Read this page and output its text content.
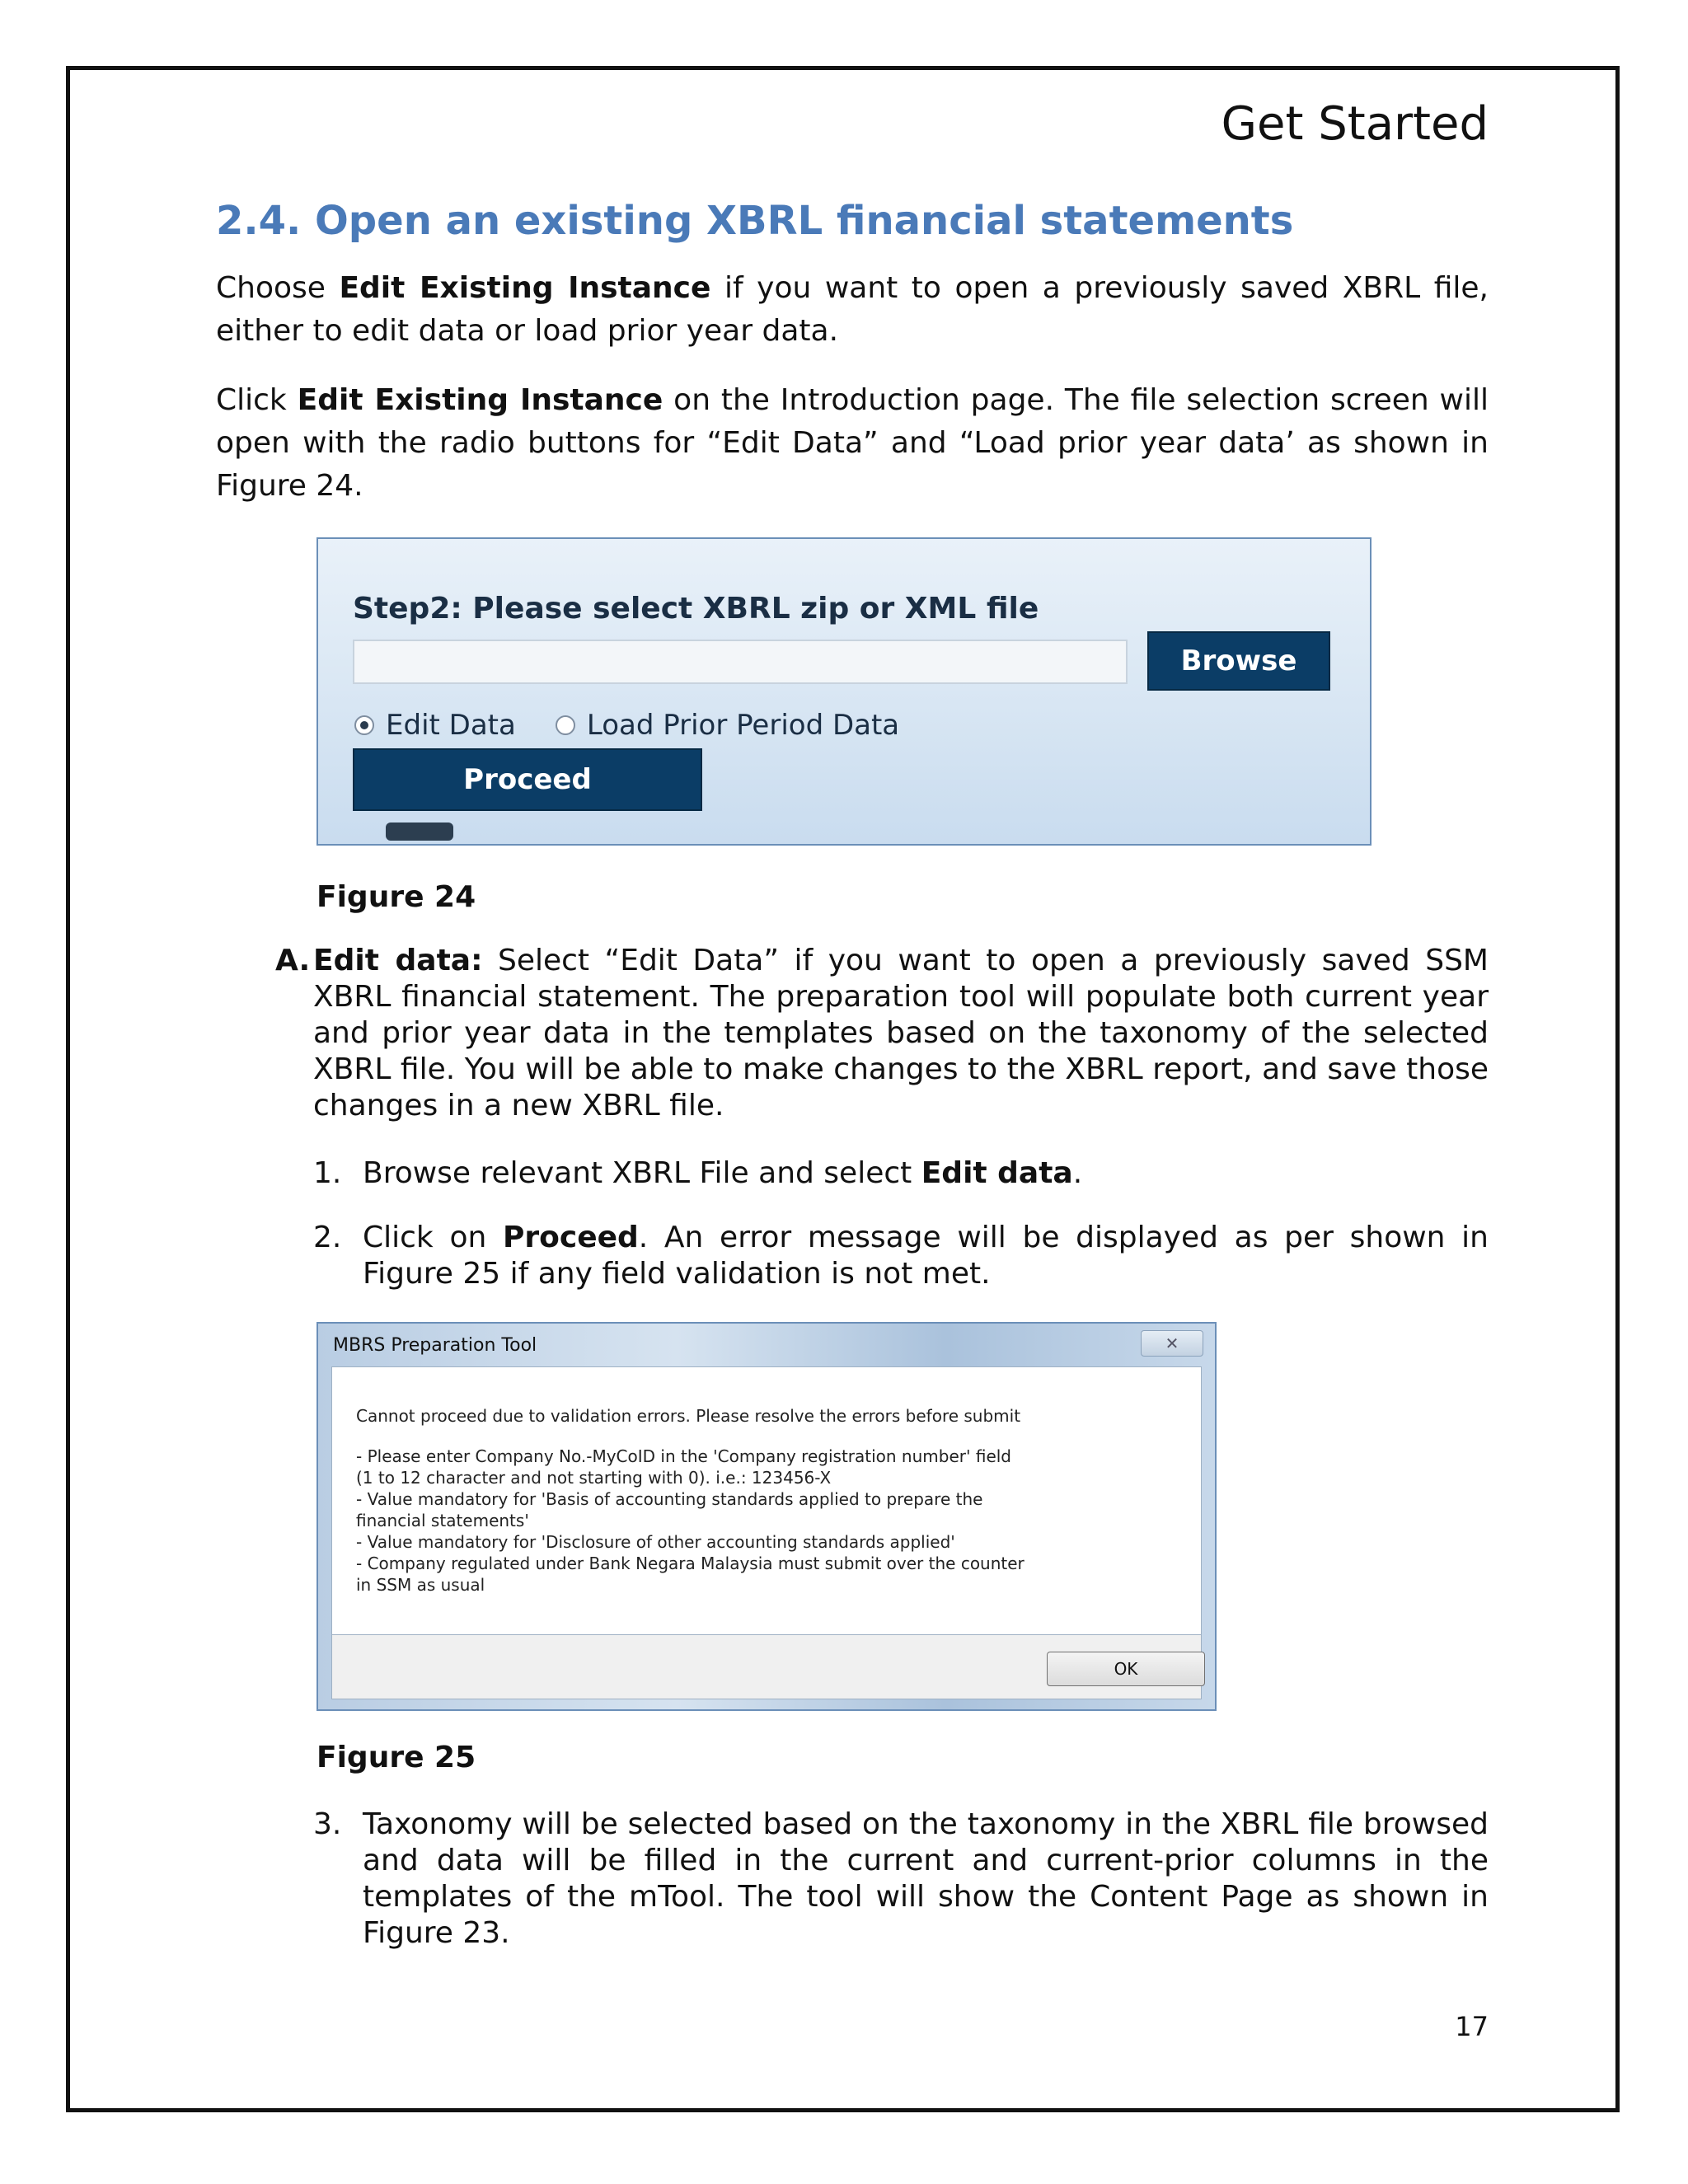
Get Started
2.4. Open an existing XBRL financial statements

Choose Edit Existing Instance if you want to open a previously saved XBRL file, either to edit data or load prior year data.

Click Edit Existing Instance on the Introduction page. The file selection screen will open with the radio buttons for “Edit Data” and “Load prior year data’ as shown in Figure 24.

Step2: Please select XBRL zip or XML file
Browse
Edit Data	Load Prior Period Data
Proceed
Figure 24
A. Edit data: Select “Edit Data” if you want to open a previously saved SSM XBRL financial statement. The preparation tool will populate both current year and prior year data in the templates based on the taxonomy of the selected XBRL file. You will be able to make changes to the XBRL report, and save those changes in a new XBRL file.
1. Browse relevant XBRL File and select Edit data.
2. Click on Proceed. An error message will be displayed as per shown in Figure 25 if any field validation is not met.
MBRS Preparation Tool	✕
Cannot proceed due to validation errors. Please resolve the errors before submit
- Please enter Company No.-MyCoID in the 'Company registration number' field
(1 to 12 character and not starting with 0). i.e.: 123456-X
- Value mandatory for 'Basis of accounting standards applied to prepare the
financial statements'
- Value mandatory for 'Disclosure of other accounting standards applied'
- Company regulated under Bank Negara Malaysia must submit over the counter
in SSM as usual
OK
Figure 25
3. Taxonomy will be selected based on the taxonomy in the XBRL file browsed and data will be filled in the current and current-prior columns in the templates of the mTool. The tool will show the Content Page as shown in Figure 23.
17
